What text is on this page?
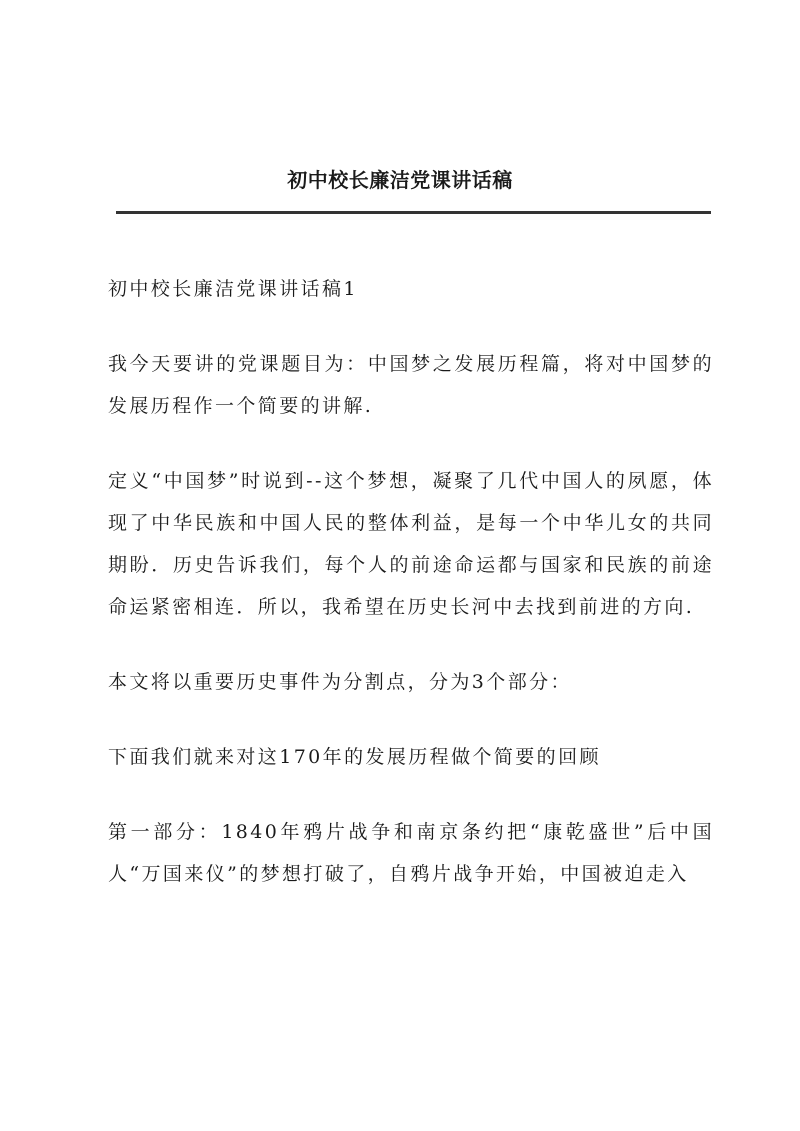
初中校长廉洁党课讲话稿

初中校长廉洁党课讲话稿1

我今天要讲的党课题目为：中国梦之发展历程篇，将对中国梦的发展历程作一个简要的讲解.

定义“中国梦”时说到--这个梦想，凝聚了几代中国人的夙愿，体现了中华民族和中国人民的整体利益，是每一个中华儿女的共同期盼．历史告诉我们，每个人的前途命运都与国家和民族的前途命运紧密相连．所以，我希望在历史长河中去找到前进的方向.

本文将以重要历史事件为分割点，分为3个部分：

下面我们就来对这170年的发展历程做个简要的回顾

第一部分：1840年鸦片战争和南京条约把“康乾盛世”后中国人“万国来仪”的梦想打破了，自鸦片战争开始，中国被迫走入
